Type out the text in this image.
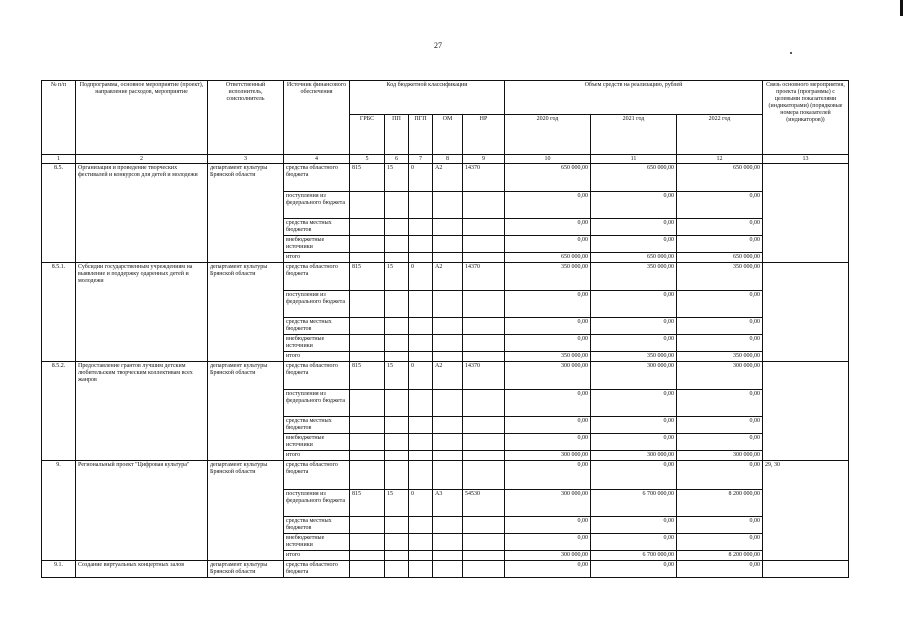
27
№ п/п	Подпрограмма, основное мероприятие (проект), направление расходов, мероприятие	Ответственный исполнитель, соисполнитель	Источник финансового обеспечения	Код бюджетной классификации					Объем средств на реализацию, рублей			Связь основного мероприятия, проекта (программы) с целевыми показателями (индикаторами) (порядковые номера показателей (индикаторов))
				ГРБС	ПП	ПГП	ОМ	НР	2020 год	2021 год	2022 год	
1	2	3	4	5	6	7	8	9	10	11	12	13
8.5.	Организация и проведение творческих фестивалей и конкурсов для детей и молодежи	департамент культуры Брянской области	средства областного бюджета	815	15	0	А2	14370	650 000,00	650 000,00	650 000,00	
			поступления из федерального бюджета						0,00	0,00	0,00	
			средства местных бюджетов						0,00	0,00	0,00	
			внебюджетные источники						0,00	0,00	0,00	
			итого						650 000,00	650 000,00	650 000,00	
8.5.1.	Субсидии государственным учреждениям на выявление и поддержку одаренных детей и молодежи	департамент культуры Брянской области	средства областного бюджета	815	15	0	А2	14370	350 000,00	350 000,00	350 000,00	
			поступления из федерального бюджета						0,00	0,00	0,00	
			средства местных бюджетов						0,00	0,00	0,00	
			внебюджетные источники						0,00	0,00	0,00	
			итого						350 000,00	350 000,00	350 000,00	
8.5.2.	Предоставление грантов лучшим детским любительским творческим коллективам всех жанров	департамент культуры Брянской области	средства областного бюджета	815	15	0	А2	14370	300 000,00	300 000,00	300 000,00	
			поступления из федерального бюджета						0,00	0,00	0,00	
			средства местных бюджетов						0,00	0,00	0,00	
			внебюджетные источники						0,00	0,00	0,00	
			итого						300 000,00	300 000,00	300 000,00	
9.	Региональный проект "Цифровая культура"	департамент культуры Брянской области	средства областного бюджета						0,00	0,00	0,00	29, 30
			поступления из федерального бюджета	815	15	0	А3	54530	300 000,00	6 700 000,00	8 200 000,00	
			средства местных бюджетов						0,00	0,00	0,00	
			внебюджетные источники						0,00	0,00	0,00	
			итого						300 000,00	6 700 000,00	8 200 000,00	
9.1.	Создание виртуальных концертных залов	департамент культуры Брянской области	средства областного бюджета						0,00	0,00	0,00	
